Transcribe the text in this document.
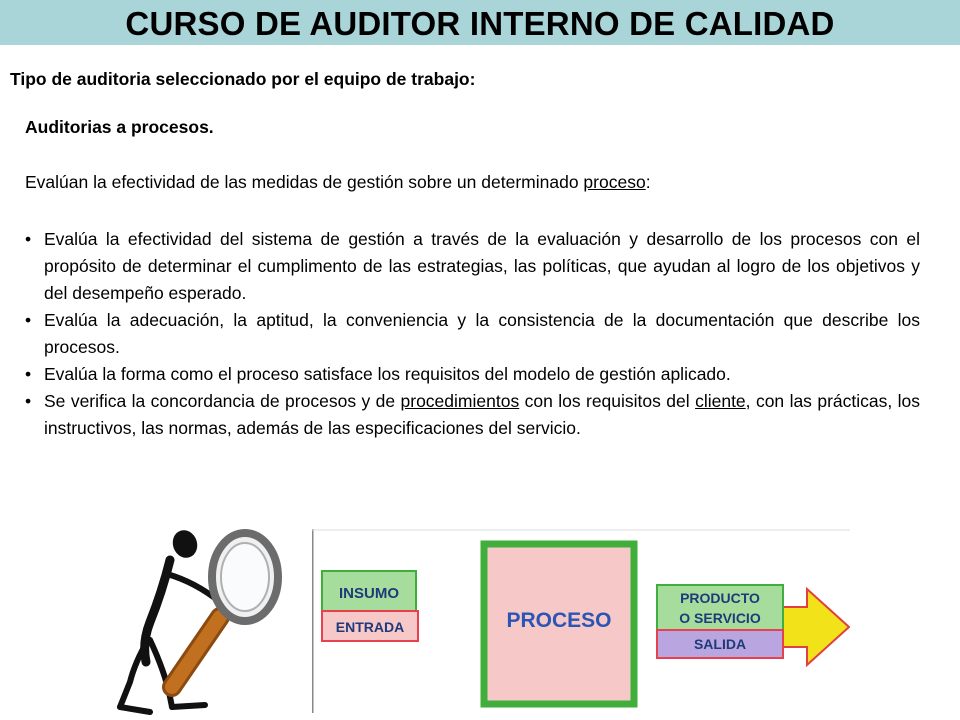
CURSO DE AUDITOR INTERNO DE CALIDAD
Tipo de auditoria seleccionado por el equipo de trabajo:
Auditorias a procesos.
Evalúan la efectividad de las medidas de gestión sobre un determinado proceso:
• Evalúa la efectividad del sistema de gestión a través de la evaluación y desarrollo de los procesos con el propósito de determinar el cumplimento de las estrategias, las políticas, que ayudan al logro de los objetivos y del desempeño esperado.
• Evalúa la adecuación, la aptitud, la conveniencia y la consistencia de la documentación que describe los procesos.
• Evalúa la forma como el proceso satisface los requisitos del modelo de gestión aplicado.
• Se verifica la concordancia de procesos y de procedimientos con los requisitos del cliente, con las prácticas, los instructivos, las normas, además de las especificaciones del servicio.
INSUMO
ENTRADA	PROCESO
PRODUCTO
O SERVICIO
SALIDA
